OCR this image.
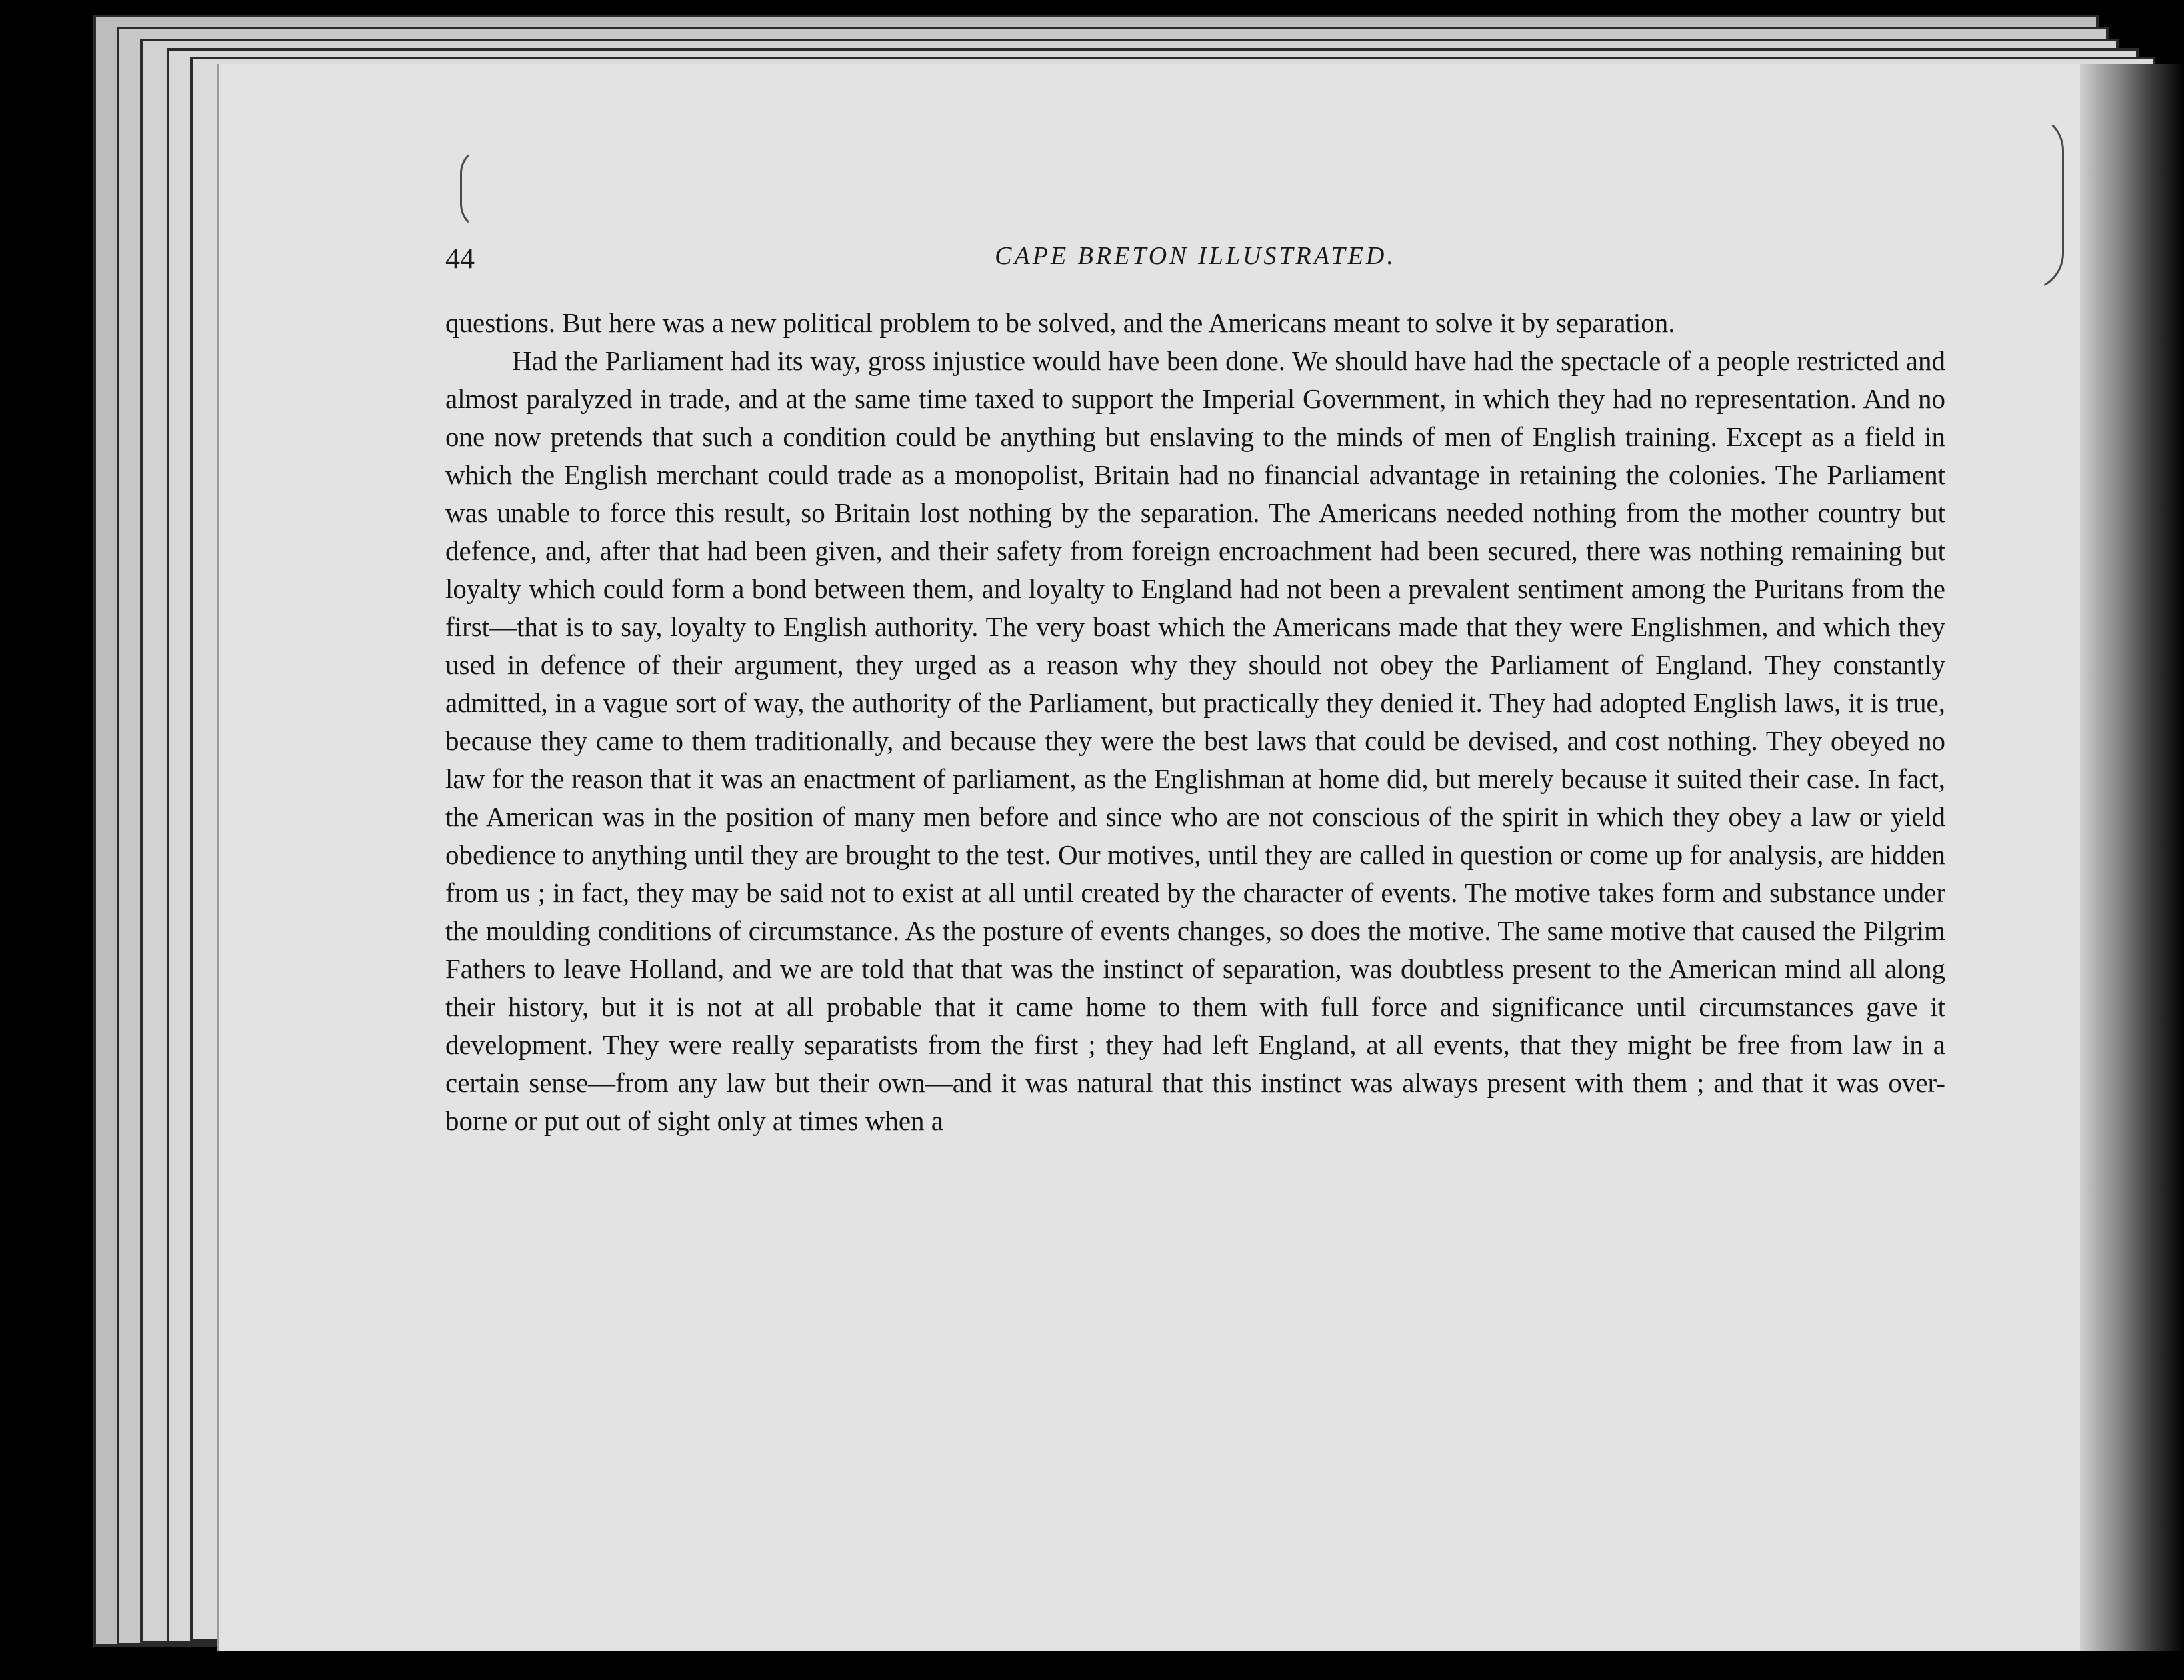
44	CAPE BRETON ILLUSTRATED.

questions. But here was a new political problem to be solved, and the Americans meant to solve it by separation.

Had the Parliament had its way, gross injustice would have been done. We should have had the spectacle of a people restricted and almost paralyzed in trade, and at the same time taxed to support the Imperial Government, in which they had no representation. And no one now pretends that such a condition could be anything but enslaving to the minds of men of English training. Except as a field in which the English merchant could trade as a monopolist, Britain had no financial advantage in retaining the colonies. The Parliament was unable to force this result, so Britain lost nothing by the separation. The Americans needed nothing from the mother country but defence, and, after that had been given, and their safety from foreign encroachment had been secured, there was nothing remaining but loyalty which could form a bond between them, and loyalty to England had not been a prevalent sentiment among the Puritans from the first—that is to say, loyalty to English authority. The very boast which the Americans made that they were Englishmen, and which they used in defence of their argument, they urged as a reason why they should not obey the Parliament of England. They constantly admitted, in a vague sort of way, the authority of the Parliament, but practically they denied it. They had adopted English laws, it is true, because they came to them traditionally, and because they were the best laws that could be devised, and cost nothing. They obeyed no law for the reason that it was an enactment of parliament, as the Englishman at home did, but merely because it suited their case. In fact, the American was in the position of many men before and since who are not conscious of the spirit in which they obey a law or yield obedience to anything until they are brought to the test. Our motives, until they are called in question or come up for analysis, are hidden from us ; in fact, they may be said not to exist at all until created by the character of events. The motive takes form and substance under the moulding conditions of circumstance. As the posture of events changes, so does the motive. The same motive that caused the Pilgrim Fathers to leave Holland, and we are told that that was the instinct of separation, was doubtless present to the American mind all along their history, but it is not at all probable that it came home to them with full force and significance until circumstances gave it development. They were really separatists from the first ; they had left England, at all events, that they might be free from law in a certain sense—from any law but their own—and it was natural that this instinct was always present with them ; and that it was over-borne or put out of sight only at times when a
